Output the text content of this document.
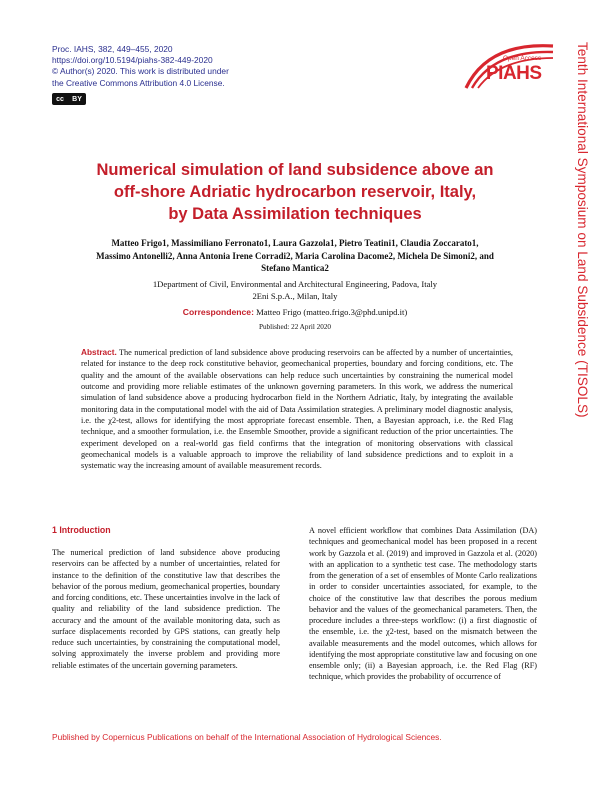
Proc. IAHS, 382, 449–455, 2020
https://doi.org/10.5194/piahs-382-449-2020
© Author(s) 2020. This work is distributed under
the Creative Commons Attribution 4.0 License.
cc BY
Open Access
PIAHS Tenth International Symposium on Land Subsidence (TISOLS)
Numerical simulation of land subsidence above an
off-shore Adriatic hydrocarbon reservoir, Italy,
by Data Assimilation techniques
Matteo Frigo1, Massimiliano Ferronato1, Laura Gazzola1, Pietro Teatini1, Claudia Zoccarato1,
Massimo Antonelli2, Anna Antonia Irene Corradi2, Maria Carolina Dacome2, Michela De Simoni2, and
Stefano Mantica2
1Department of Civil, Environmental and Architectural Engineering, Padova, Italy
2Eni S.p.A., Milan, Italy
Correspondence: Matteo Frigo (matteo.frigo.3@phd.unipd.it)
Published: 22 April 2020
Abstract. The numerical prediction of land subsidence above producing reservoirs can be affected by a number of uncertainties, related for instance to the deep rock constitutive behavior, geomechanical properties, boundary and forcing conditions, etc. The quality and the amount of the available observations can help reduce such uncertainties by constraining the numerical model outcome and providing more reliable estimates of the unknown governing parameters. In this work, we address the numerical simulation of land subsidence above a producing hydrocarbon field in the Northern Adriatic, Italy, by integrating the available monitoring data in the computational model with the aid of Data Assimilation strategies. A preliminary model diagnostic analysis, i.e. the χ2-test, allows for identifying the most appropriate forecast ensemble. Then, a Bayesian approach, i.e. the Red Flag technique, and a smoother formulation, i.e. the Ensemble Smoother, provide a significant reduction of the prior uncertainties. The experiment developed on a real-world gas field confirms that the integration of monitoring observations with classical geomechanical models is a valuable approach to improve the reliability of land subsidence predictions and to exploit in a systematic way the increasing amount of available measurement records.
1 Introduction
The numerical prediction of land subsidence above producing reservoirs can be affected by a number of uncertainties, related for instance to the definition of the constitutive law that describes the behavior of the porous medium, geomechanical properties, boundary and forcing conditions, etc. These uncertainties involve in the lack of quality and reliability of the land subsidence prediction. The accuracy and the amount of the available monitoring data, such as surface displacements recorded by GPS stations, can greatly help reduce such uncertainties, by constraining the computational model, solving approximately the inverse problem and providing more reliable estimates of the uncertain governing parameters.
A novel efficient workflow that combines Data Assimilation (DA) techniques and geomechanical model has been proposed in a recent work by Gazzola et al. (2019) and improved in Gazzola et al. (2020) with an application to a synthetic test case. The methodology starts from the generation of a set of ensembles of Monte Carlo realizations in order to consider uncertainties associated, for example, to the choice of the constitutive law that describes the porous medium behavior and the values of the geomechanical parameters. Then, the procedure includes a three-steps workflow: (i) a first diagnostic of the ensemble, i.e. the χ2-test, based on the mismatch between the available measurements and the model outcomes, which allows for identifying the most appropriate constitutive law and focusing on one ensemble only; (ii) a Bayesian approach, i.e. the Red Flag (RF) technique, which provides the probability of occurrence of
Published by Copernicus Publications on behalf of the International Association of Hydrological Sciences.
